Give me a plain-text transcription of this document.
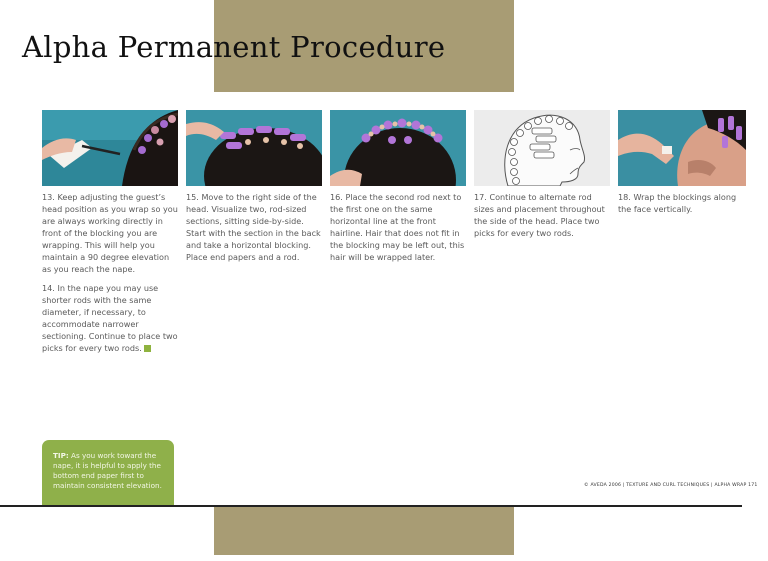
Alpha Permanent Procedure

13. Keep adjusting the guest’s head position as you wrap so you are always working directly in front of the blocking you are wrapping. This will help you maintain a 90 degree elevation as you reach the nape.

14. In the nape you may use shorter rods with the same diameter, if necessary, to accommodate narrower sectioning. Continue to place two picks for every two rods.

15. Move to the right side of the head. Visualize two, rod-sized sections, sitting side-by-side. Start with the section in the back and take a horizontal blocking. Place end papers and a rod.

16. Place the second rod next to the first one on the same horizontal line at the front hairline. Hair that does not fit in the blocking may be left out, this hair will be wrapped later.

17. Continue to alternate rod sizes and placement throughout the side of the head. Place two picks for every two rods.

18. Wrap the blockings along the face vertically.

TIP: As you work toward the nape, it is helpful to apply the bottom end paper first to maintain consistent elevation.	© AVEDA 2006 | TEXTURE AND CURL TECHNIQUES | ALPHA WRAP 171
